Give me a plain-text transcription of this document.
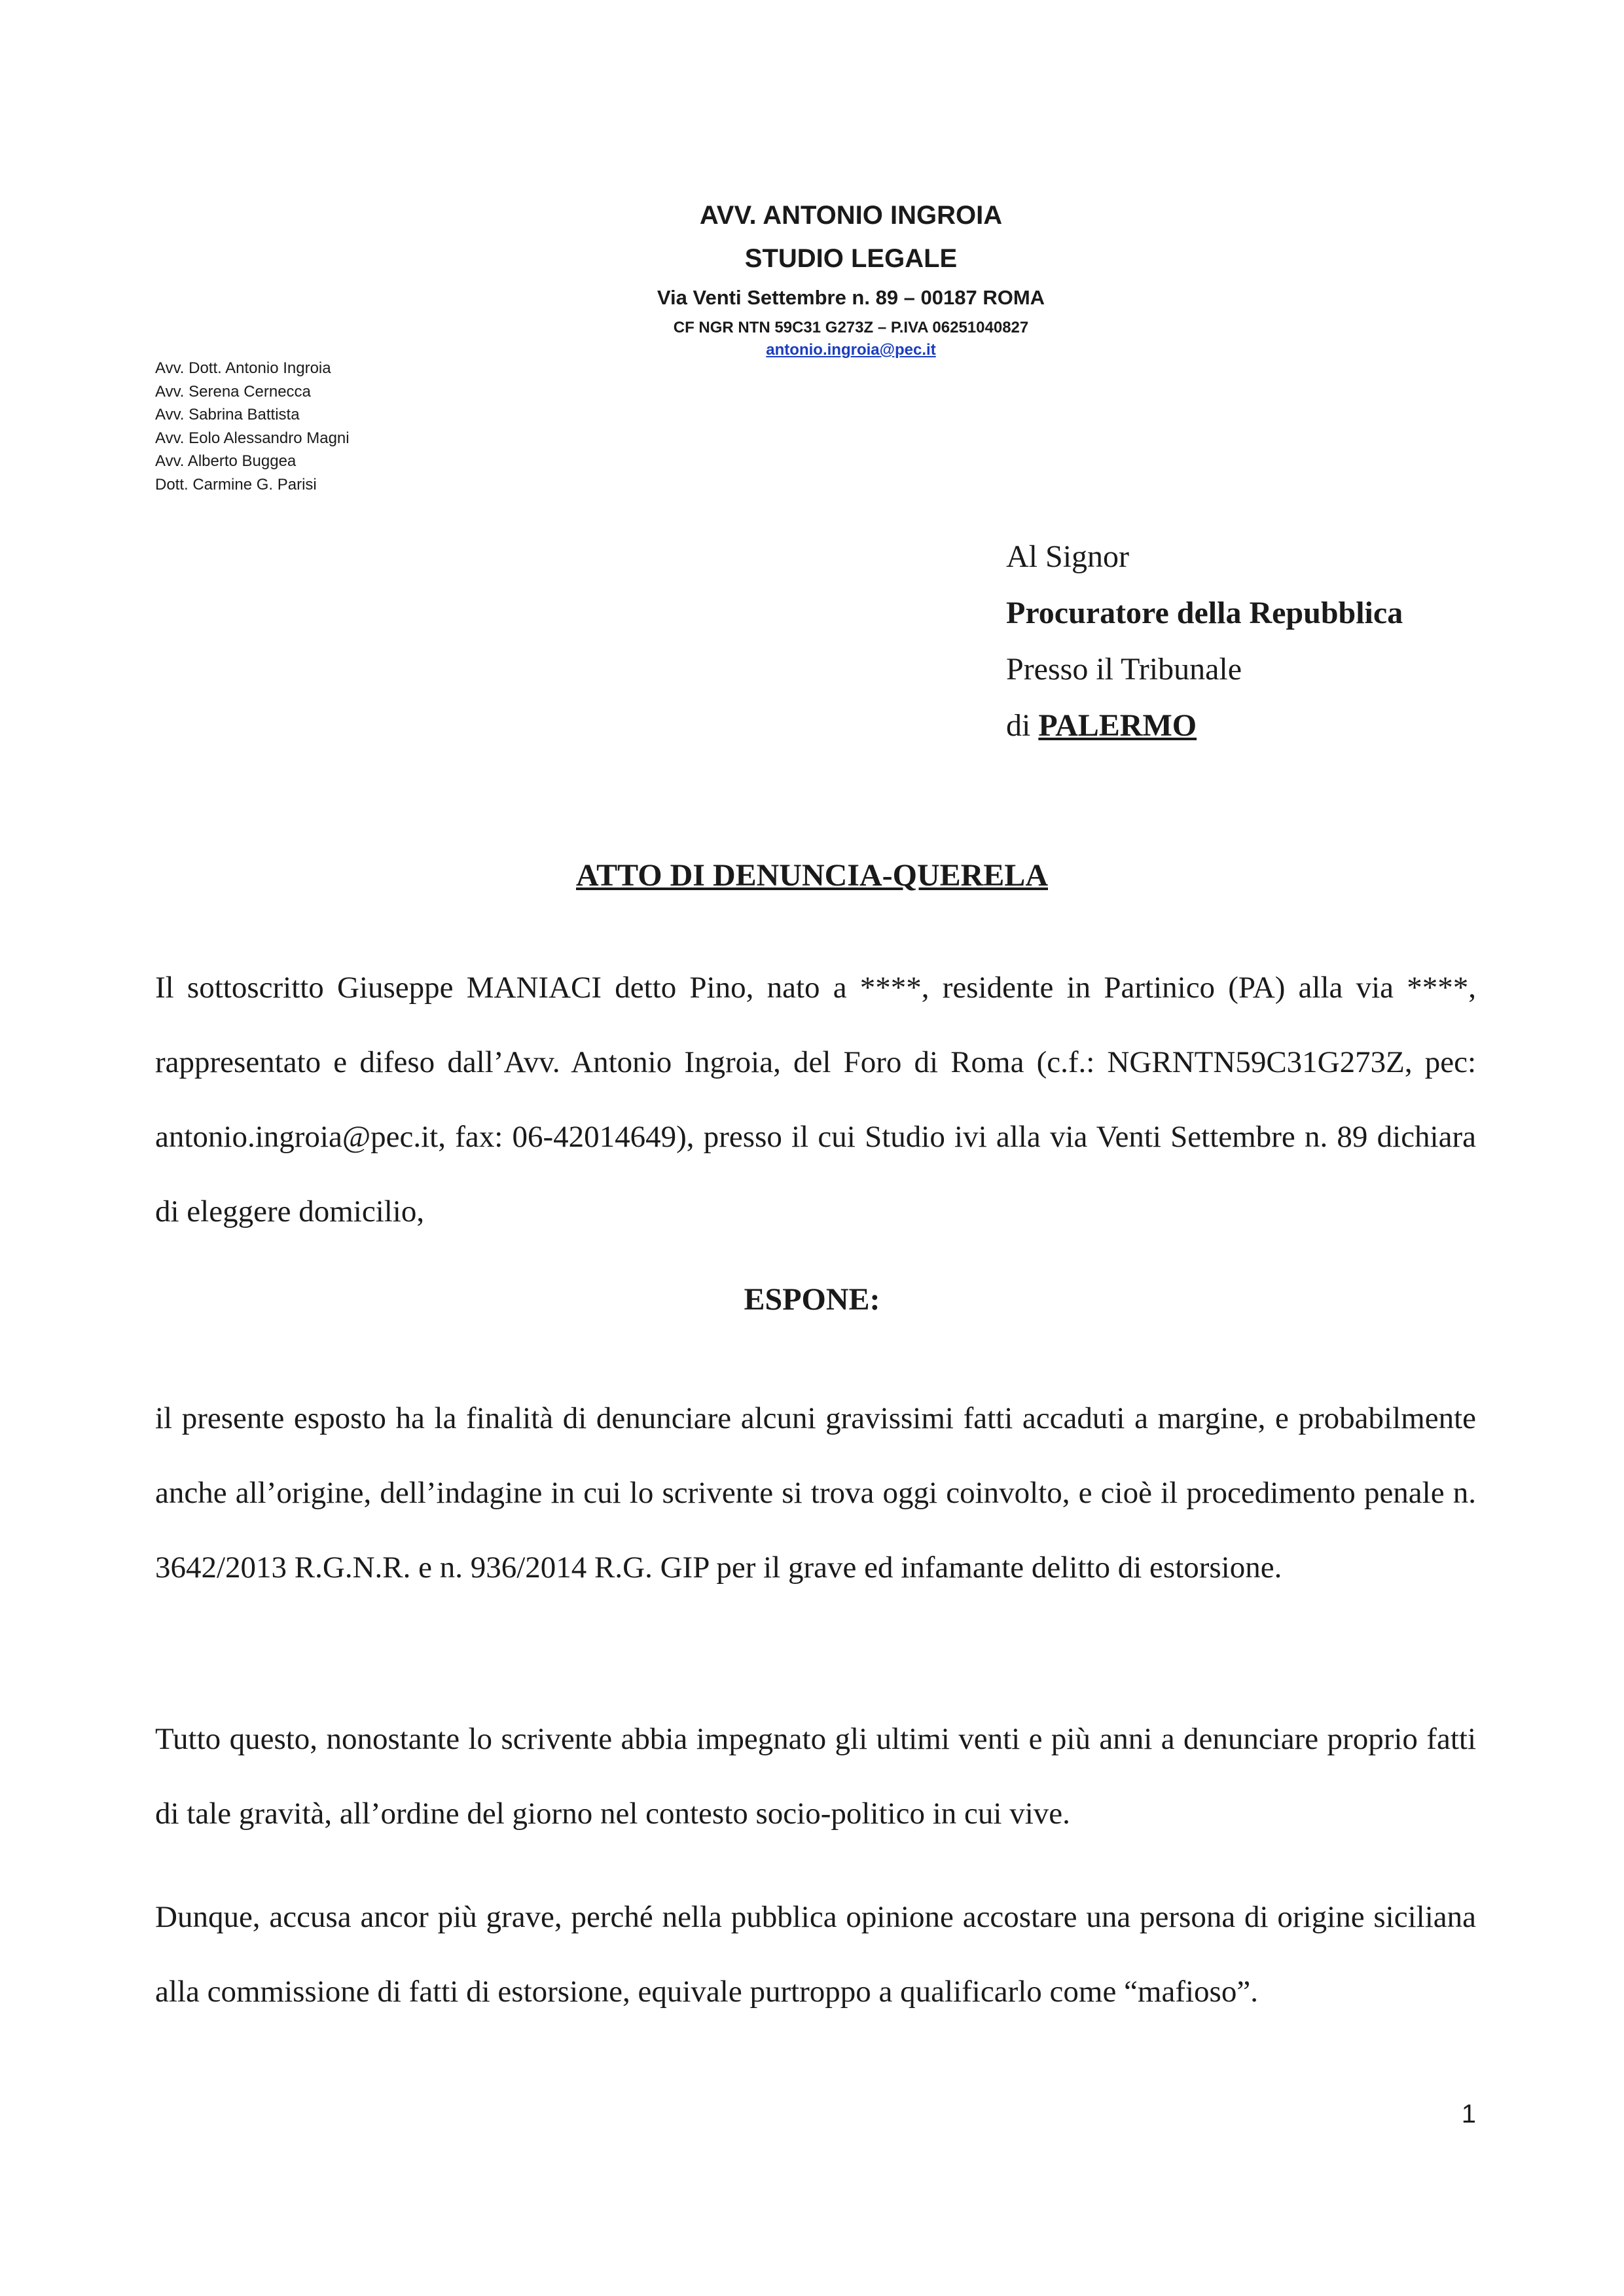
AVV. ANTONIO INGROIA
STUDIO LEGALE
Via Venti Settembre n. 89 – 00187 ROMA
CF NGR NTN 59C31 G273Z – P.IVA 06251040827
antonio.ingroia@pec.it
Avv. Dott. Antonio Ingroia
Avv. Serena Cernecca
Avv. Sabrina Battista
Avv. Eolo Alessandro Magni
Avv. Alberto Buggea
Dott. Carmine G. Parisi
Al Signor
Procuratore della Repubblica
Presso il Tribunale
di PALERMO
ATTO DI DENUNCIA-QUERELA
Il sottoscritto Giuseppe MANIACI detto Pino, nato a ****, residente in Partinico (PA) alla via ****, rappresentato e difeso dall’Avv. Antonio Ingroia, del Foro di Roma (c.f.: NGRNTN59C31G273Z, pec: antonio.ingroia@pec.it, fax: 06-42014649), presso il cui Studio ivi alla via Venti Settembre n. 89 dichiara di eleggere domicilio,
ESPONE:
il presente esposto ha la finalità di denunciare alcuni gravissimi fatti accaduti a margine, e probabilmente anche all’origine, dell’indagine in cui lo scrivente si trova oggi coinvolto, e cioè il procedimento penale n. 3642/2013 R.G.N.R. e n. 936/2014 R.G. GIP per il grave ed infamante delitto di estorsione.
Tutto questo, nonostante lo scrivente abbia impegnato gli ultimi venti e più anni a denunciare proprio fatti di tale gravità, all’ordine del giorno nel contesto socio-politico in cui vive.
Dunque, accusa ancor più grave, perché nella pubblica opinione accostare una persona di origine siciliana alla commissione di fatti di estorsione, equivale purtroppo a qualificarlo come “mafioso”.
1
